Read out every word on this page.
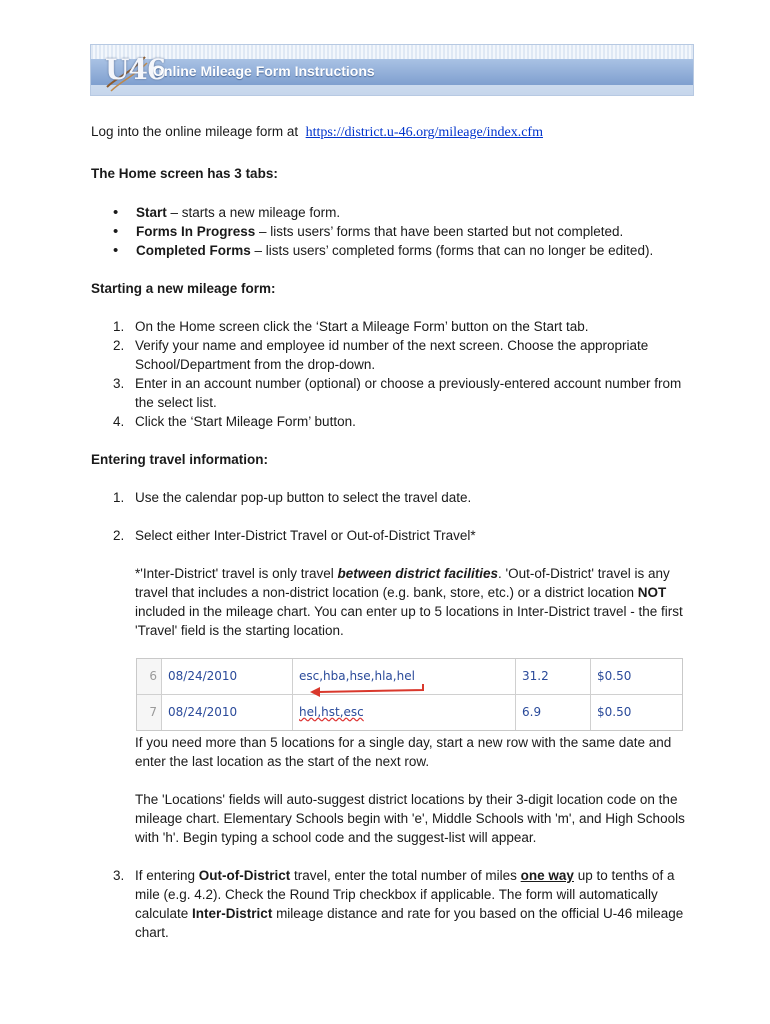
U46
Online Mileage Form Instructions

Log into the online mileage form at https://district.u-46.org/mileage/index.cfm

The Home screen has 3 tabs:

• Start – starts a new mileage form.
• Forms In Progress – lists users’ forms that have been started but not completed.
• Completed Forms – lists users’ completed forms (forms that can no longer be edited).

Starting a new mileage form:

1. On the Home screen click the ‘Start a Mileage Form’ button on the Start tab.
2. Verify your name and employee id number of the next screen. Choose the appropriate School/Department from the drop-down.
3. Enter in an account number (optional) or choose a previously-entered account number from the select list.
4. Click the ‘Start Mileage Form’ button.

Entering travel information:

1. Use the calendar pop-up button to select the travel date.
2. Select either Inter-District Travel or Out-of-District Travel*

*'Inter-District' travel is only travel between district facilities. 'Out-of-District' travel is any travel that includes a non-district location (e.g. bank, store, etc.) or a district location NOT included in the mileage chart. You can enter up to 5 locations in Inter-District travel - the first 'Travel' field is the starting location.

6	08/24/2010	esc,hba,hse,hla,hel	31.2	$0.50
7	08/24/2010	hel,hst,esc	6.9	$0.50

If you need more than 5 locations for a single day, start a new row with the same date and enter the last location as the start of the next row.

The 'Locations' fields will auto-suggest district locations by their 3-digit location code on the mileage chart. Elementary Schools begin with 'e', Middle Schools with 'm', and High Schools with 'h'. Begin typing a school code and the suggest-list will appear.

3. If entering Out-of-District travel, enter the total number of miles one way up to tenths of a mile (e.g. 4.2). Check the Round Trip checkbox if applicable. The form will automatically calculate Inter-District mileage distance and rate for you based on the official U-46 mileage chart.
